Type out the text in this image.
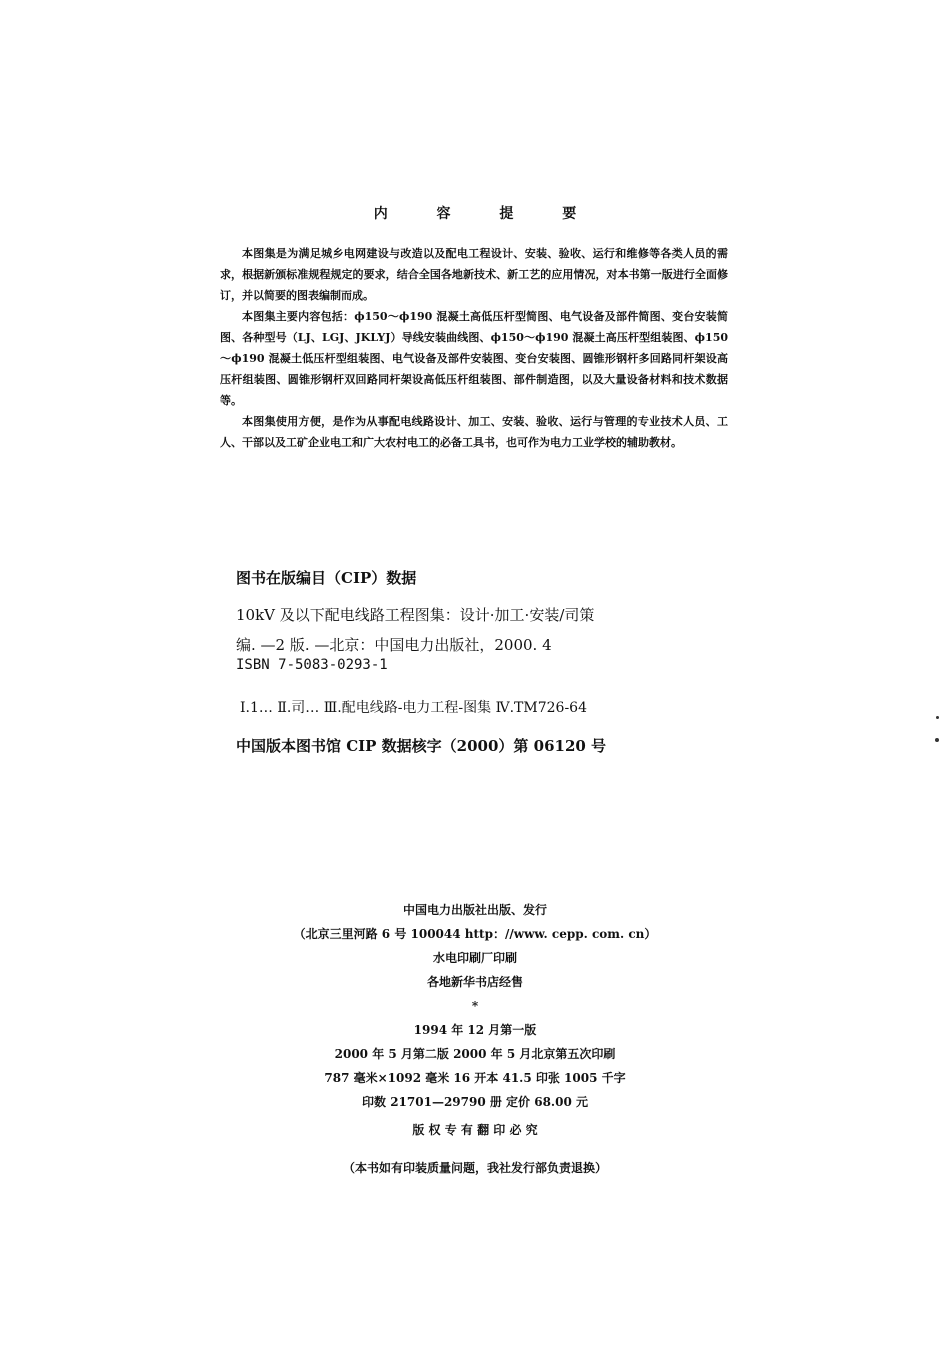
内 容 提 要

本图集是为满足城乡电网建设与改造以及配电工程设计、安装、验收、运行和维修等各类人员的需求，根据新颁标准规程规定的要求，结合全国各地新技术、新工艺的应用情况，对本书第一版进行全面修订，并以简要的图表编制而成。

本图集主要内容包括：ϕ150～ϕ190 混凝土高低压杆型简图、电气设备及部件简图、变台安装简图、各种型号（LJ、LGJ、JKLYJ）导线安装曲线图、ϕ150～ϕ190 混凝土高压杆型组装图、ϕ150～ϕ190 混凝土低压杆型组装图、电气设备及部件安装图、变台安装图、圆锥形钢杆多回路同杆架设高压杆组装图、圆锥形钢杆双回路同杆架设高低压杆组装图、部件制造图，以及大量设备材料和技术数据等。

本图集使用方便，是作为从事配电线路设计、加工、安装、验收、运行与管理的专业技术人员、工人、干部以及工矿企业电工和广大农村电工的必备工具书，也可作为电力工业学校的辅助教材。

图书在版编目（CIP）数据

10kV 及以下配电线路工程图集：设计·加工·安装/司策

编. —2 版. —北京：中国电力出版社，2000. 4

ISBN 7-5083-0293-1
Ⅰ.1… Ⅱ.司… Ⅲ.配电线路-电力工程-图集 Ⅳ.TM726-64
中国版本图书馆 CIP 数据核字（2000）第 06120 号
中国电力出版社出版、发行
（北京三里河路 6 号 100044 http：//www. cepp. com. cn）
水电印刷厂印刷
各地新华书店经售
*
1994 年 12 月第一版
2000 年 5 月第二版 2000 年 5 月北京第五次印刷
787 毫米×1092 毫米 16 开本 41.5 印张 1005 千字
印数 21701—29790 册 定价 68.00 元
版 权 专 有 翻 印 必 究
（本书如有印装质量问题，我社发行部负责退换）
